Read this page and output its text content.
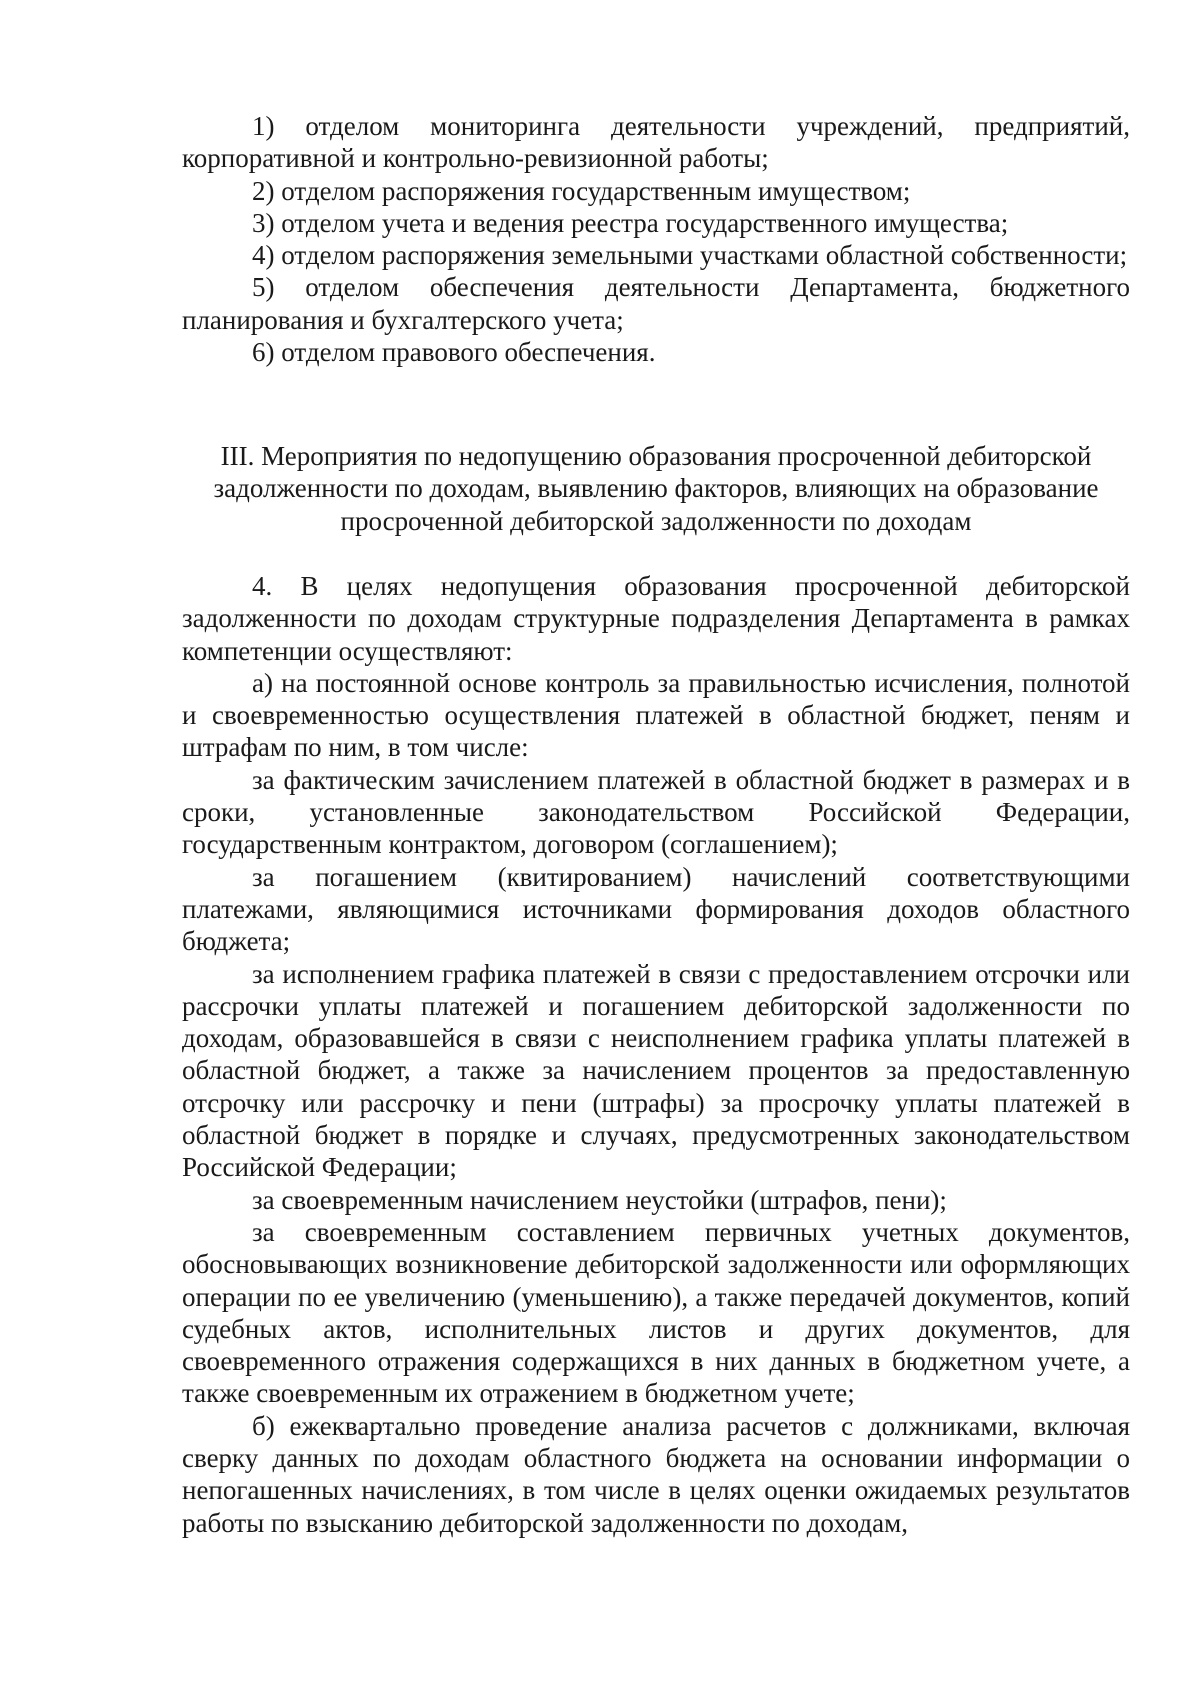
1) отделом мониторинга деятельности учреждений, предприятий, корпоративной и контрольно-ревизионной работы;

2) отделом распоряжения государственным имуществом;

3) отделом учета и ведения реестра государственного имущества;

4) отделом распоряжения земельными участками областной собственности;

5) отделом обеспечения деятельности Департамента, бюджетного планирования и бухгалтерского учета;

6) отделом правового обеспечения.

III. Мероприятия по недопущению образования просроченной дебиторской задолженности по доходам, выявлению факторов, влияющих на образование просроченной дебиторской задолженности по доходам

4. В целях недопущения образования просроченной дебиторской задолженности по доходам структурные подразделения Департамента в рамках компетенции осуществляют:

а) на постоянной основе контроль за правильностью исчисления, полнотой и своевременностью осуществления платежей в областной бюджет, пеням и штрафам по ним, в том числе:

за фактическим зачислением платежей в областной бюджет в размерах и в сроки, установленные законодательством Российской Федерации, государственным контрактом, договором (соглашением);

за погашением (квитированием) начислений соответствующими платежами, являющимися источниками формирования доходов областного бюджета;

за исполнением графика платежей в связи с предоставлением отсрочки или рассрочки уплаты платежей и погашением дебиторской задолженности по доходам, образовавшейся в связи с неисполнением графика уплаты платежей в областной бюджет, а также за начислением процентов за предоставленную отсрочку или рассрочку и пени (штрафы) за просрочку уплаты платежей в областной бюджет в порядке и случаях, предусмотренных законодательством Российской Федерации;

за своевременным начислением неустойки (штрафов, пени);

за своевременным составлением первичных учетных документов, обосновывающих возникновение дебиторской задолженности или оформляющих операции по ее увеличению (уменьшению), а также передачей документов, копий судебных актов, исполнительных листов и других документов, для своевременного отражения содержащихся в них данных в бюджетном учете, а также своевременным их отражением в бюджетном учете;

б) ежеквартально проведение анализа расчетов с должниками, включая сверку данных по доходам областного бюджета на основании информации о непогашенных начислениях, в том числе в целях оценки ожидаемых результатов работы по взысканию дебиторской задолженности по доходам,
